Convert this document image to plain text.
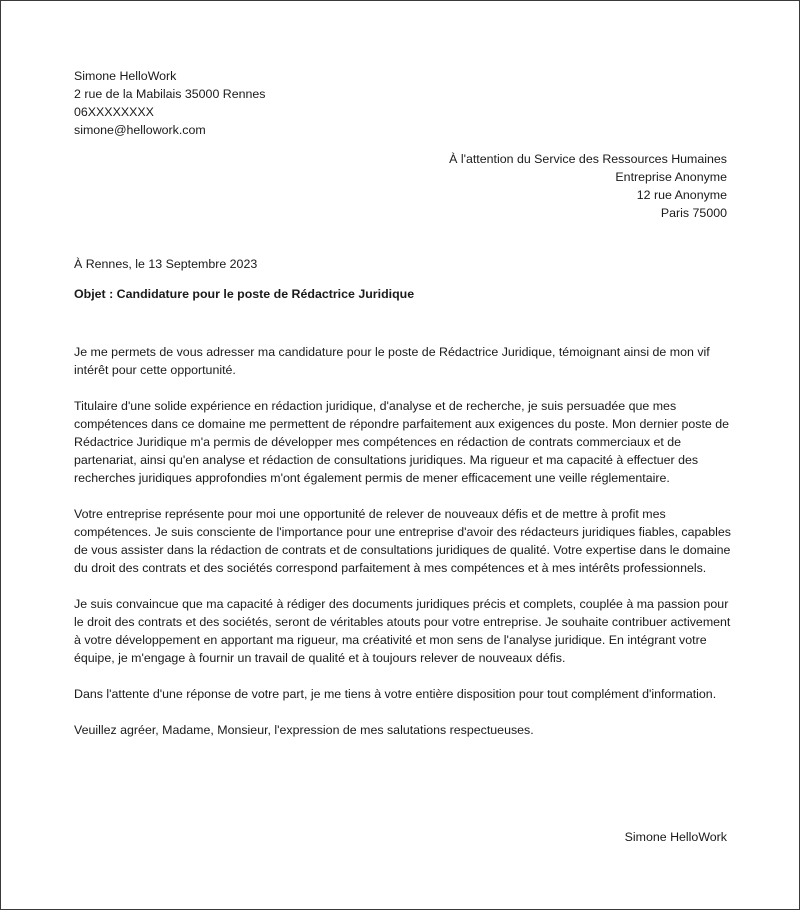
Simone HelloWork
2 rue de la Mabilais 35000 Rennes
06XXXXXXXX
simone@hellowork.com
À l'attention du Service des Ressources Humaines
Entreprise Anonyme
12 rue Anonyme
Paris 75000
À Rennes, le 13 Septembre 2023
Objet : Candidature pour le poste de Rédactrice Juridique

Je me permets de vous adresser ma candidature pour le poste de Rédactrice Juridique, témoignant ainsi de mon vif intérêt pour cette opportunité.

Titulaire d'une solide expérience en rédaction juridique, d'analyse et de recherche, je suis persuadée que mes compétences dans ce domaine me permettent de répondre parfaitement aux exigences du poste. Mon dernier poste de Rédactrice Juridique m'a permis de développer mes compétences en rédaction de contrats commerciaux et de partenariat, ainsi qu'en analyse et rédaction de consultations juridiques. Ma rigueur et ma capacité à effectuer des recherches juridiques approfondies m'ont également permis de mener efficacement une veille réglementaire.

Votre entreprise représente pour moi une opportunité de relever de nouveaux défis et de mettre à profit mes compétences. Je suis consciente de l'importance pour une entreprise d'avoir des rédacteurs juridiques fiables, capables de vous assister dans la rédaction de contrats et de consultations juridiques de qualité. Votre expertise dans le domaine du droit des contrats et des sociétés correspond parfaitement à mes compétences et à mes intérêts professionnels.

Je suis convaincue que ma capacité à rédiger des documents juridiques précis et complets, couplée à ma passion pour le droit des contrats et des sociétés, seront de véritables atouts pour votre entreprise. Je souhaite contribuer activement à votre développement en apportant ma rigueur, ma créativité et mon sens de l'analyse juridique. En intégrant votre équipe, je m'engage à fournir un travail de qualité et à toujours relever de nouveaux défis.

Dans l'attente d'une réponse de votre part, je me tiens à votre entière disposition pour tout complément d'information.

Veuillez agréer, Madame, Monsieur, l'expression de mes salutations respectueuses.

Simone HelloWork
